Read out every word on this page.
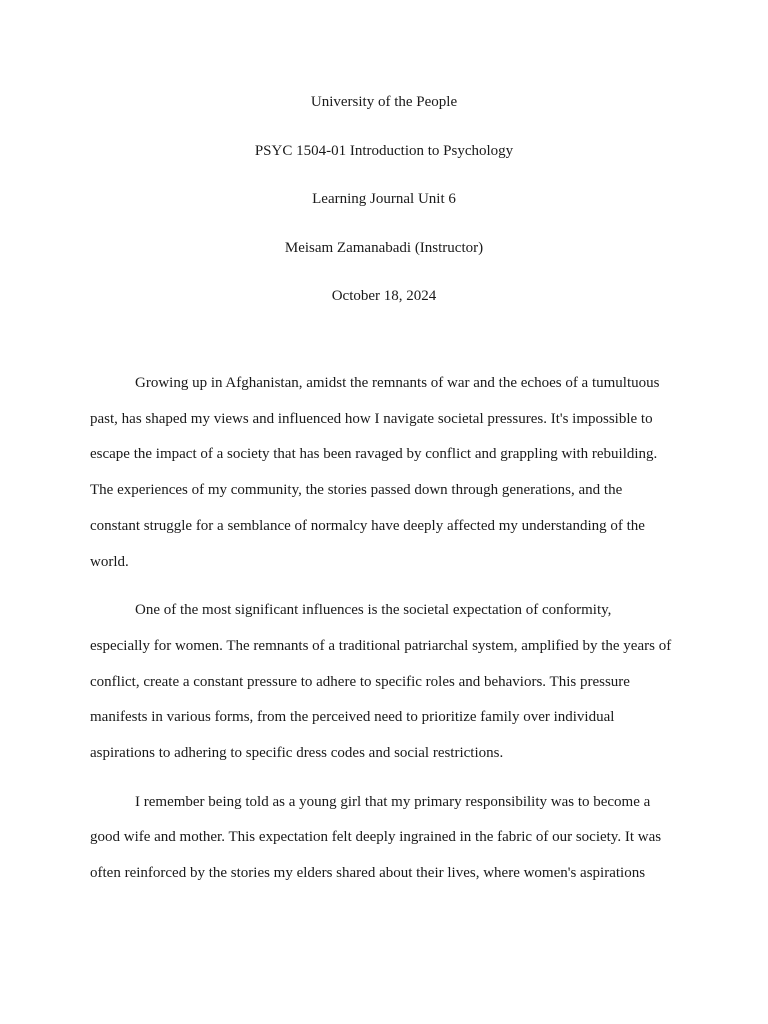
University of the People

PSYC 1504-01 Introduction to Psychology

Learning Journal Unit 6

Meisam Zamanabadi (Instructor)

October 18, 2024

Growing up in Afghanistan, amidst the remnants of war and the echoes of a tumultuous
past, has shaped my views and influenced how I navigate societal pressures. It's impossible to
escape the impact of a society that has been ravaged by conflict and grappling with rebuilding.
The experiences of my community, the stories passed down through generations, and the
constant struggle for a semblance of normalcy have deeply affected my understanding of the
world.

One of the most significant influences is the societal expectation of conformity,
especially for women. The remnants of a traditional patriarchal system, amplified by the years of
conflict, create a constant pressure to adhere to specific roles and behaviors. This pressure
manifests in various forms, from the perceived need to prioritize family over individual
aspirations to adhering to specific dress codes and social restrictions.

I remember being told as a young girl that my primary responsibility was to become a
good wife and mother. This expectation felt deeply ingrained in the fabric of our society. It was
often reinforced by the stories my elders shared about their lives, where women's aspirations
